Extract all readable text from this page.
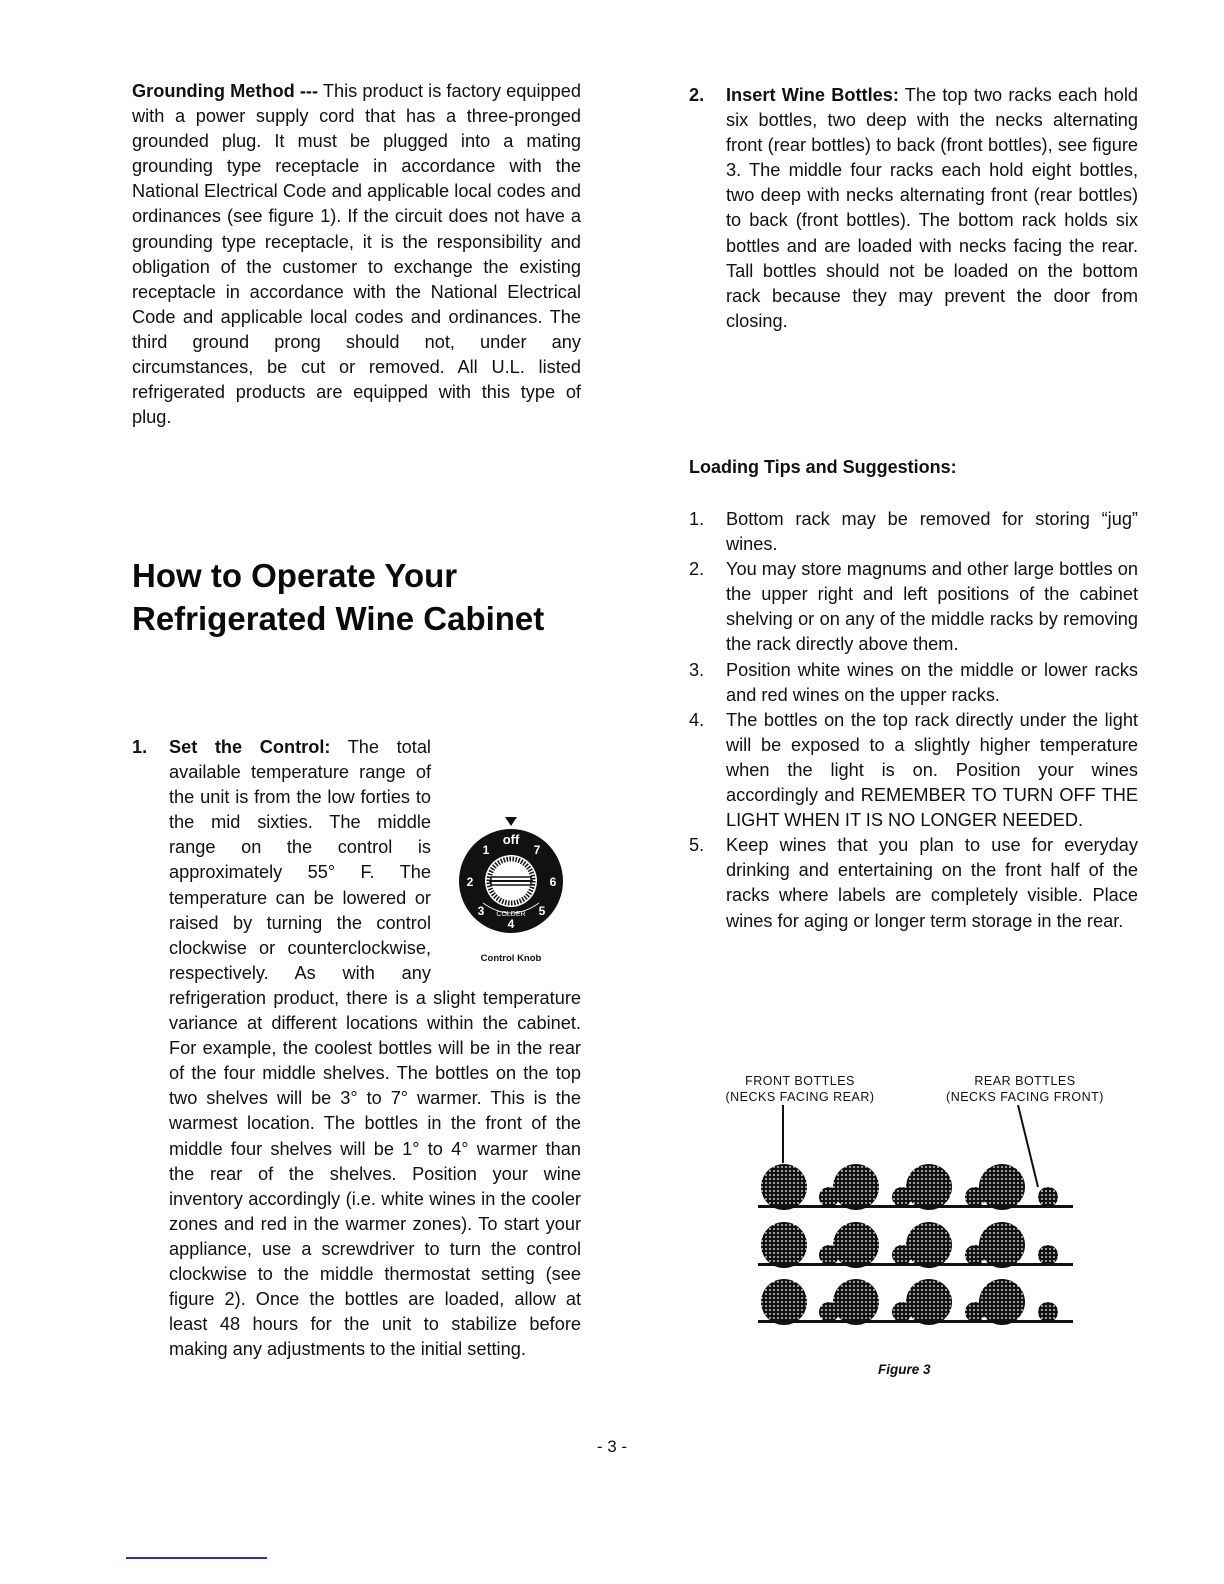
Grounding Method --- This product is factory equipped with a power supply cord that has a three-pronged grounded plug. It must be plugged into a mating grounding type receptacle in accordance with the National Electrical Code and applicable local codes and ordinances (see figure 1). If the circuit does not have a grounding type receptacle, it is the responsibility and obligation of the customer to exchange the existing receptacle in accordance with the National Electrical Code and applicable local codes and ordinances. The third ground prong should not, under any circumstances, be cut or removed. All U.L. listed refrigerated products are equipped with this type of plug.
How to Operate Your Refrigerated Wine Cabinet
1.
off
1
2
3
4
5
6
7
COLDER
Control Knob
Set the Control: The total available temperature range of the unit is from the low forties to the mid sixties. The middle range on the control is approximately 55° F. The temperature can be lowered or raised by turning the control clockwise or counterclockwise, respectively. As with any refrigeration product, there is a slight temperature variance at different locations within the cabinet. For example, the coolest bottles will be in the rear of the four middle shelves. The bottles on the top two shelves will be 3° to 7° warmer. This is the warmest location. The bottles in the front of the middle four shelves will be 1° to 4° warmer than the rear of the shelves. Position your wine inventory accordingly (i.e. white wines in the cooler zones and red in the warmer zones). To start your appliance, use a screwdriver to turn the control clockwise to the middle thermostat setting (see figure 2). Once the bottles are loaded, allow at least 48 hours for the unit to stabilize before making any adjustments to the initial setting.
2. Insert Wine Bottles: The top two racks each hold six bottles, two deep with the necks alternating front (rear bottles) to back (front bottles), see figure 3. The middle four racks each hold eight bottles, two deep with necks alternating front (rear bottles) to back (front bottles). The bottom rack holds six bottles and are loaded with necks facing the rear. Tall bottles should not be loaded on the bottom rack because they may prevent the door from closing.
Loading Tips and Suggestions:
1. Bottom rack may be removed for storing “jug” wines.
2. You may store magnums and other large bottles on the upper right and left positions of the cabinet shelving or on any of the middle racks by removing the rack directly above them.
3. Position white wines on the middle or lower racks and red wines on the upper racks.
4. The bottles on the top rack directly under the light will be exposed to a slightly higher temperature when the light is on. Position your wines accordingly and REMEMBER TO TURN OFF THE LIGHT WHEN IT IS NO LONGER NEEDED.
5. Keep wines that you plan to use for everyday drinking and entertaining on the front half of the racks where labels are completely visible. Place wines for aging or longer term storage in the rear.
FRONT BOTTLES
(NECKS FACING REAR)
REAR BOTTLES
(NECKS FACING FRONT)
Figure 3
- 3 -
